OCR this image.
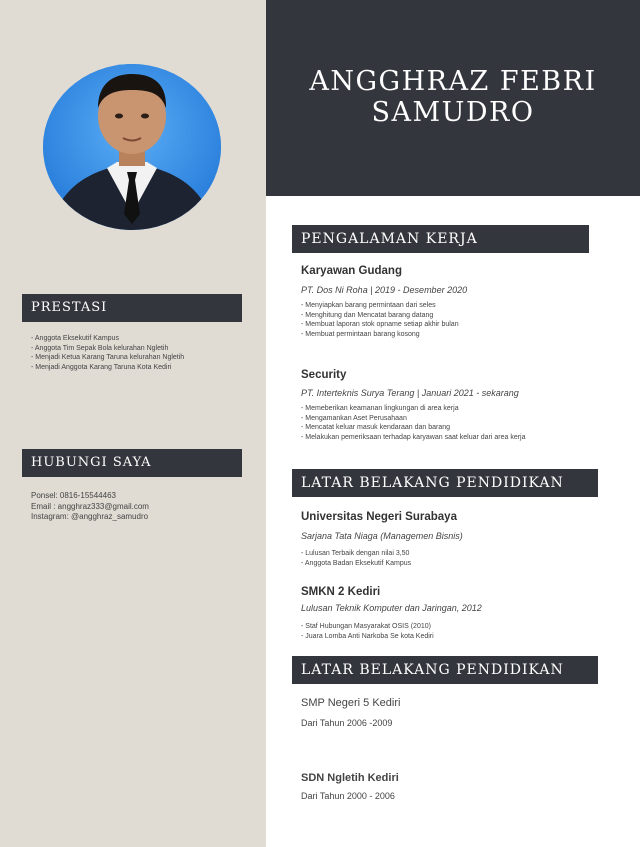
ANGGHRAZ FEBRI
SAMUDRO
PRESTASI
- Anggota Eksekutif Kampus
- Anggota Tim Sepak Bola kelurahan Ngletih
- Menjadi Ketua Karang Taruna kelurahan Ngletih
- Menjadi Anggota Karang Taruna Kota Kediri
HUBUNGI SAYA
Ponsel: 0816-15544463
Email : angghraz333@gmail.com
Instagram: @angghraz_samudro
PENGALAMAN KERJA
Karyawan Gudang
PT. Dos Ni Roha | 2019 - Desember 2020
- Menyiapkan barang permintaan dari seles
- Menghitung dan Mencatat barang datang
- Membuat laporan stok opname setiap akhir bulan
- Membuat permintaan barang kosong
Security
PT. Interteknis Surya Terang | Januari 2021 - sekarang
- Memeberikan keamanan lingkungan di area kerja
- Mengamankan Aset Perusahaan
- Mencatat keluar masuk kendaraan dan barang
- Melakukan pemeriksaan terhadap karyawan saat keluar dari area kerja
LATAR BELAKANG PENDIDIKAN
Universitas Negeri Surabaya
Sarjana Tata Niaga (Managemen Bisnis)
- Lulusan Terbaik dengan nilai 3,50
- Anggota Badan Eksekutif Kampus
SMKN 2 Kediri
Lulusan Teknik Komputer dan Jaringan, 2012
- Staf Hubungan Masyarakat OSIS (2010)
- Juara Lomba Anti Narkoba Se kota Kediri
LATAR BELAKANG PENDIDIKAN
SMP Negeri 5 Kediri
Dari Tahun 2006 -2009
SDN Ngletih Kediri
Dari Tahun 2000 - 2006
